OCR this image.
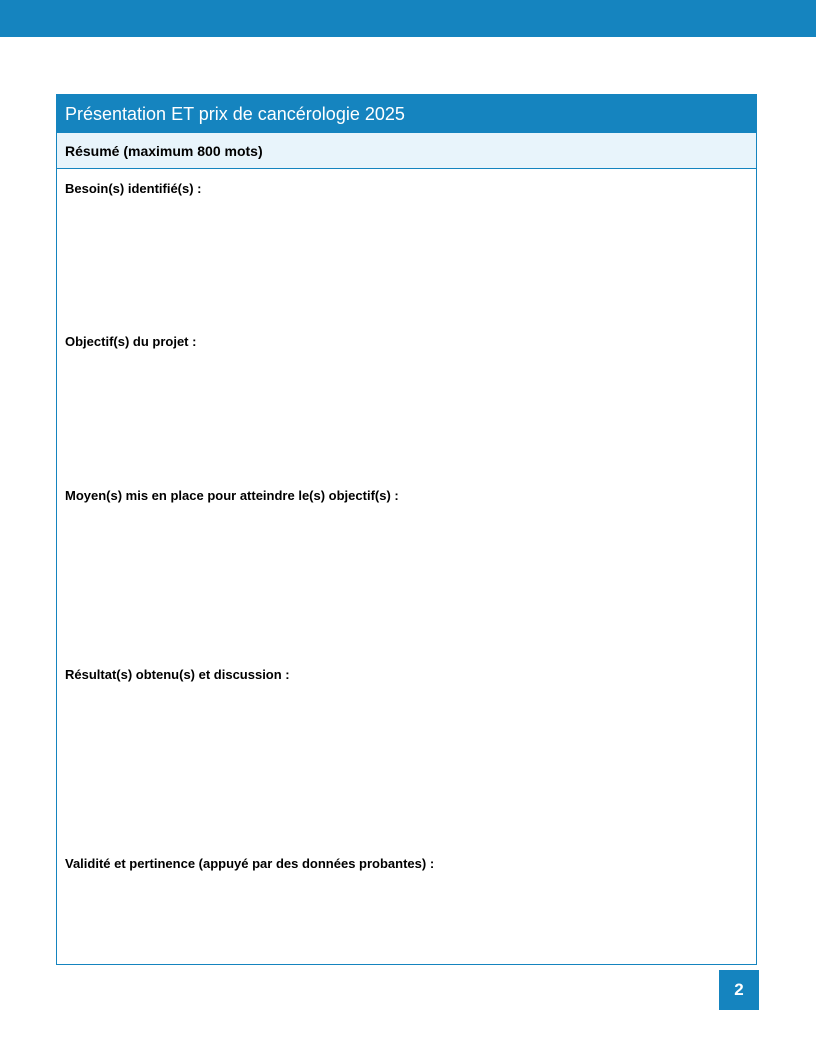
Présentation ET prix de cancérologie 2025
Résumé (maximum 800 mots)
Besoin(s) identifié(s) :
Objectif(s) du projet :
Moyen(s) mis en place pour atteindre le(s) objectif(s) :
Résultat(s) obtenu(s) et discussion :
Validité et pertinence (appuyé par des données probantes) :
2
